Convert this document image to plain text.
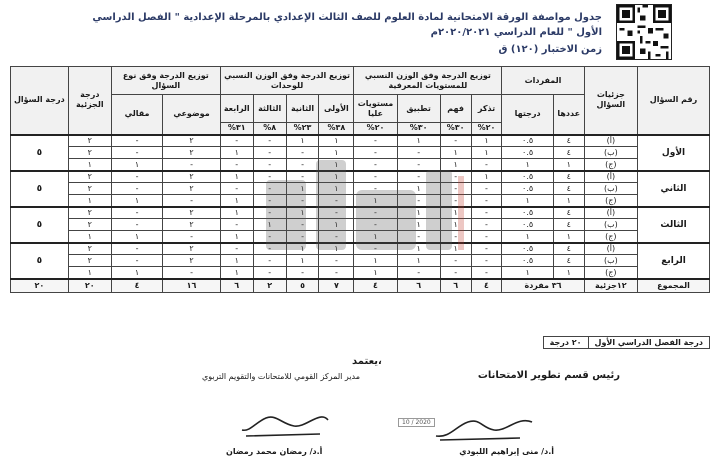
جدول مواصفة الورقة الامتحانية لمادة العلوم للصف الثالث الإعدادي بالمرحلة الإعدادية " الفصل الدراسي الأول " للعام الدراسي ٢٠٢٠/٢٠٢١م
زمن الاختبار (١٢٠) ق
رقم السؤال	جزئيات السؤال	المفردات		توزيع الدرجة وفق الوزن النسبي للمستويات المعرفية				توزيع الدرجة وفق الوزن النسبي للوحدات				توزيع الدرجة وفق نوع السؤال		درجة الجزئية	درجة السؤال
		عددها	درجتها	تذكر	فهم	تطبيق	مستويات عليا	الأولى	الثانية	الثالثة	الرابعة	موضوعي	مقالي		
				٢٠%	٣٠%	٣٠%	٢٠%	٣٨%	٢٣%	٨%	٣١%				
الأول	(أ)	٤	٠.٥	١	-	١	-	١	١	-	-	٢	-	٢	٥
	(ب)	٤	٠.٥	١	١	-	-	١	-	-	١	٢	-	٢	
	(ج)	١	١	-	١	-	-	١	-	-	-	-	١	١	
الثاني	(أ)	٤	٠.٥	١	-	-	-	١	-	-	١	٢	-	٢	٥
	(ب)	٤	٠.٥	-	-	١	-	١	١	-	-	٢	-	٢	
	(ج)	١	١	-	-	-	١	-	-	-	١	-	١	١	
الثالث	(أ)	٤	٠.٥	-	١	١	-	-	١	-	١	٢	-	٢	٥
	(ب)	٤	٠.٥	-	١	١	-	١	-	١	-	٢	-	٢	
	(ج)	١	١	-	-	-	١	-	-	-	١	-	١	١	
الرابع	(أ)	٤	٠.٥	-	١	١	-	١	١	-	-	٢	-	٢	٥
	(ب)	٤	٠.٥	-	-	١	١	-	١	-	١	٢	-	٢	
	(ج)	١	١	-	-	-	١	-	-	-	١	-	١	١	
المجموع	١٢جزئية	٣٦ مفردة		٤	٦	٦	٤	٧	٥	٢	٦	١٦	٤	٢٠	٢٠
درجة الفصل الدراسي الأول	٢٠ درجة
يعتمد،
رئيس قسم تطوير الامتحانات
مدير المركز القومي للامتحانات والتقويم التربوي
10 / 2020
أ.د/ منى إبراهيم اللبودي
أ.د/ رمضان محمد رمضان
